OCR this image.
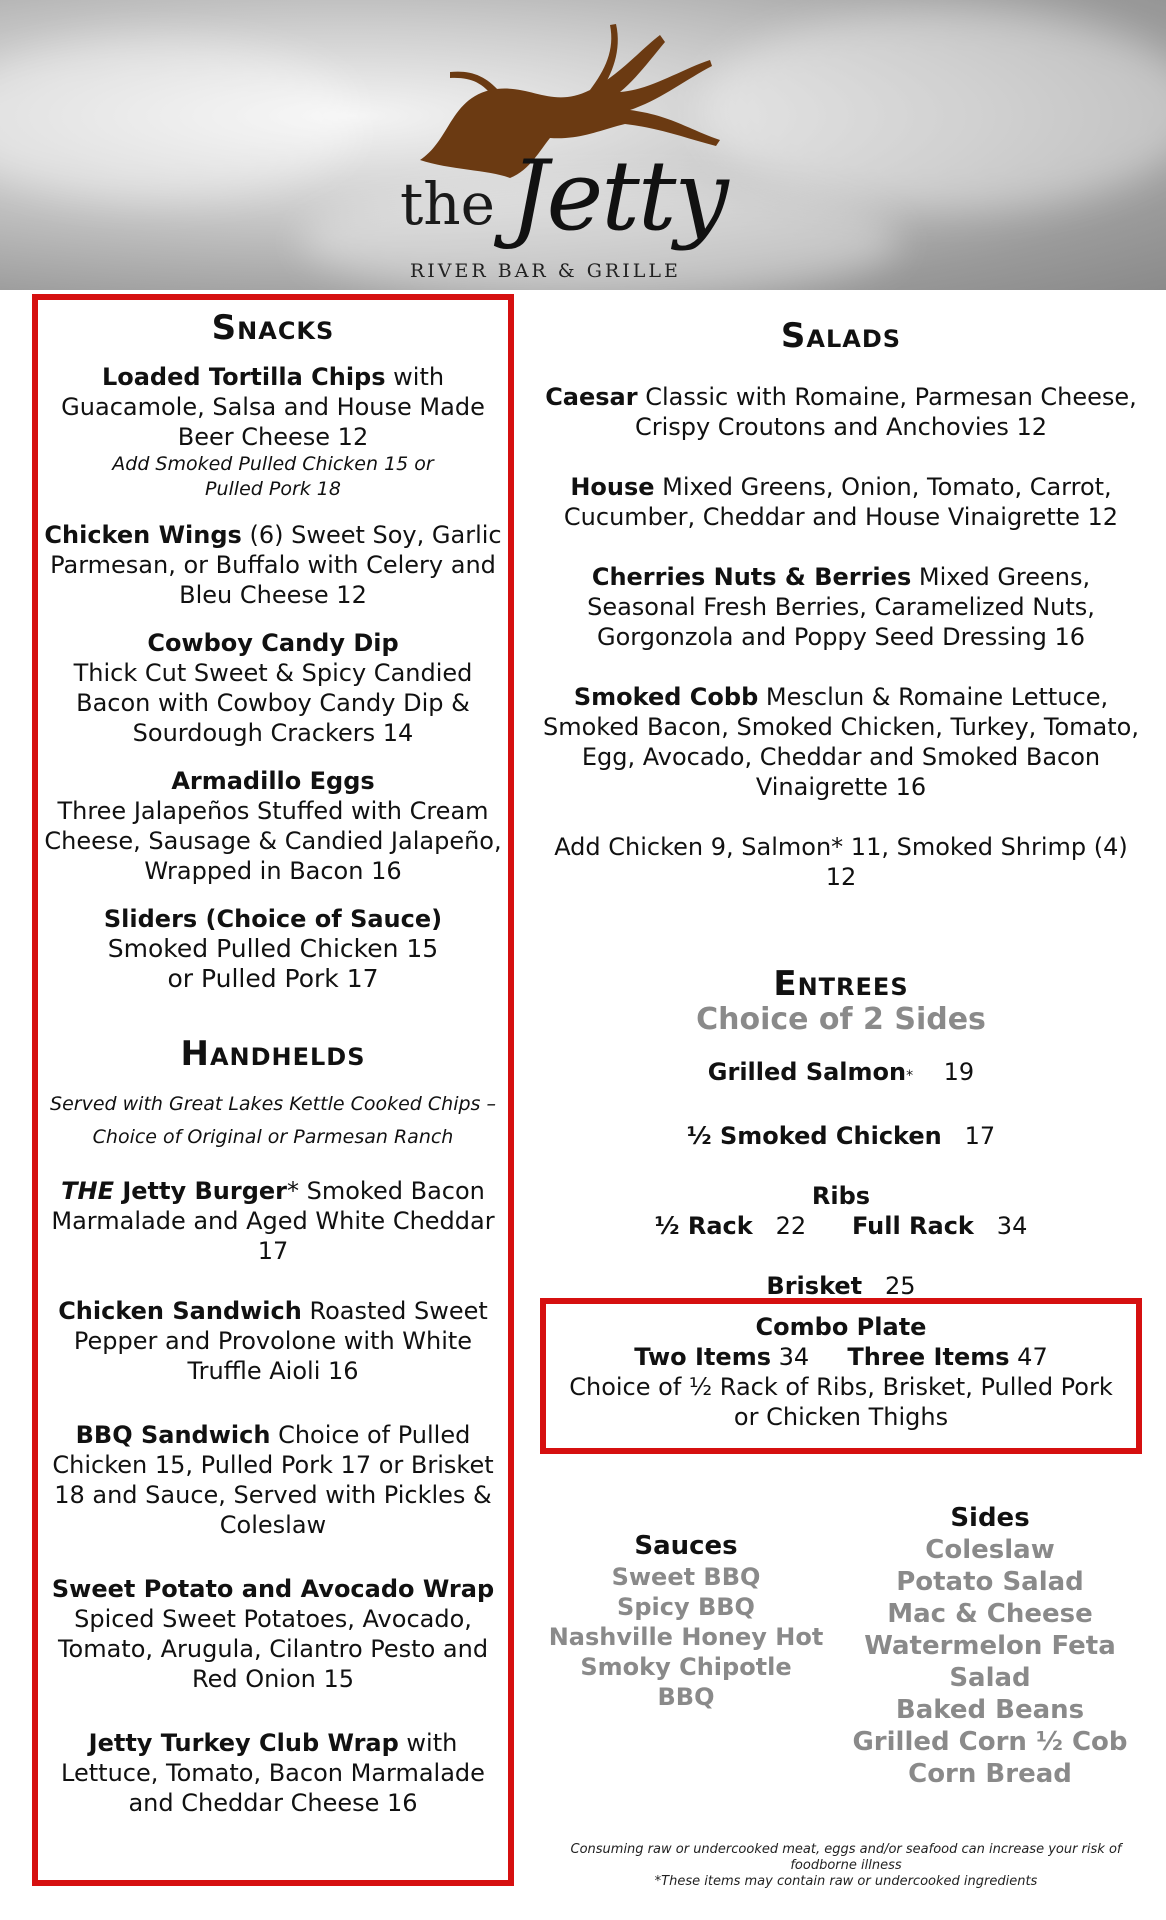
the Jetty
RIVER BAR & GRILLE
Snacks
Loaded Tortilla Chips with Guacamole, Salsa and House Made Beer Cheese 12
Add Smoked Pulled Chicken 15 or Pulled Pork 18
Chicken Wings (6) Sweet Soy, Garlic Parmesan, or Buffalo with Celery and Bleu Cheese 12
Cowboy Candy Dip
Thick Cut Sweet & Spicy Candied Bacon with Cowboy Candy Dip & Sourdough Crackers 14
Armadillo Eggs
Three Jalapeños Stuffed with Cream Cheese, Sausage & Candied Jalapeño, Wrapped in Bacon 16
Sliders (Choice of Sauce)
Smoked Pulled Chicken 15 or Pulled Pork 17
Handhelds
Served with Great Lakes Kettle Cooked Chips – Choice of Original or Parmesan Ranch
THE Jetty Burger* Smoked Bacon Marmalade and Aged White Cheddar 17
Chicken Sandwich Roasted Sweet Pepper and Provolone with White Truffle Aioli 16
BBQ Sandwich Choice of Pulled Chicken 15, Pulled Pork 17 or Brisket 18 and Sauce, Served with Pickles & Coleslaw
Sweet Potato and Avocado Wrap
Spiced Sweet Potatoes, Avocado, Tomato, Arugula, Cilantro Pesto and Red Onion 15
Jetty Turkey Club Wrap with Lettuce, Tomato, Bacon Marmalade and Cheddar Cheese 16
Salads
Caesar Classic with Romaine, Parmesan Cheese, Crispy Croutons and Anchovies 12
House Mixed Greens, Onion, Tomato, Carrot, Cucumber, Cheddar and House Vinaigrette 12
Cherries Nuts & Berries Mixed Greens, Seasonal Fresh Berries, Caramelized Nuts, Gorgonzola and Poppy Seed Dressing 16
Smoked Cobb Mesclun & Romaine Lettuce, Smoked Bacon, Smoked Chicken, Turkey, Tomato, Egg, Avocado, Cheddar and Smoked Bacon Vinaigrette 16
Add Chicken 9, Salmon* 11, Smoked Shrimp (4) 12
Entrees
Choice of 2 Sides
Grilled Salmon* 19
½ Smoked Chicken 17
Ribs
½ Rack 22 Full Rack 34
Brisket 25
Combo Plate
Two Items 34 Three Items 47
Choice of ½ Rack of Ribs, Brisket, Pulled Pork or Chicken Thighs
Sauces
Sweet BBQ
Spicy BBQ
Nashville Honey Hot
Smoky Chipotle BBQ
Sides
Coleslaw
Potato Salad
Mac & Cheese
Watermelon Feta Salad
Baked Beans
Grilled Corn ½ Cob
Corn Bread
Consuming raw or undercooked meat, eggs and/or seafood can increase your risk of foodborne illness
*These items may contain raw or undercooked ingredients
